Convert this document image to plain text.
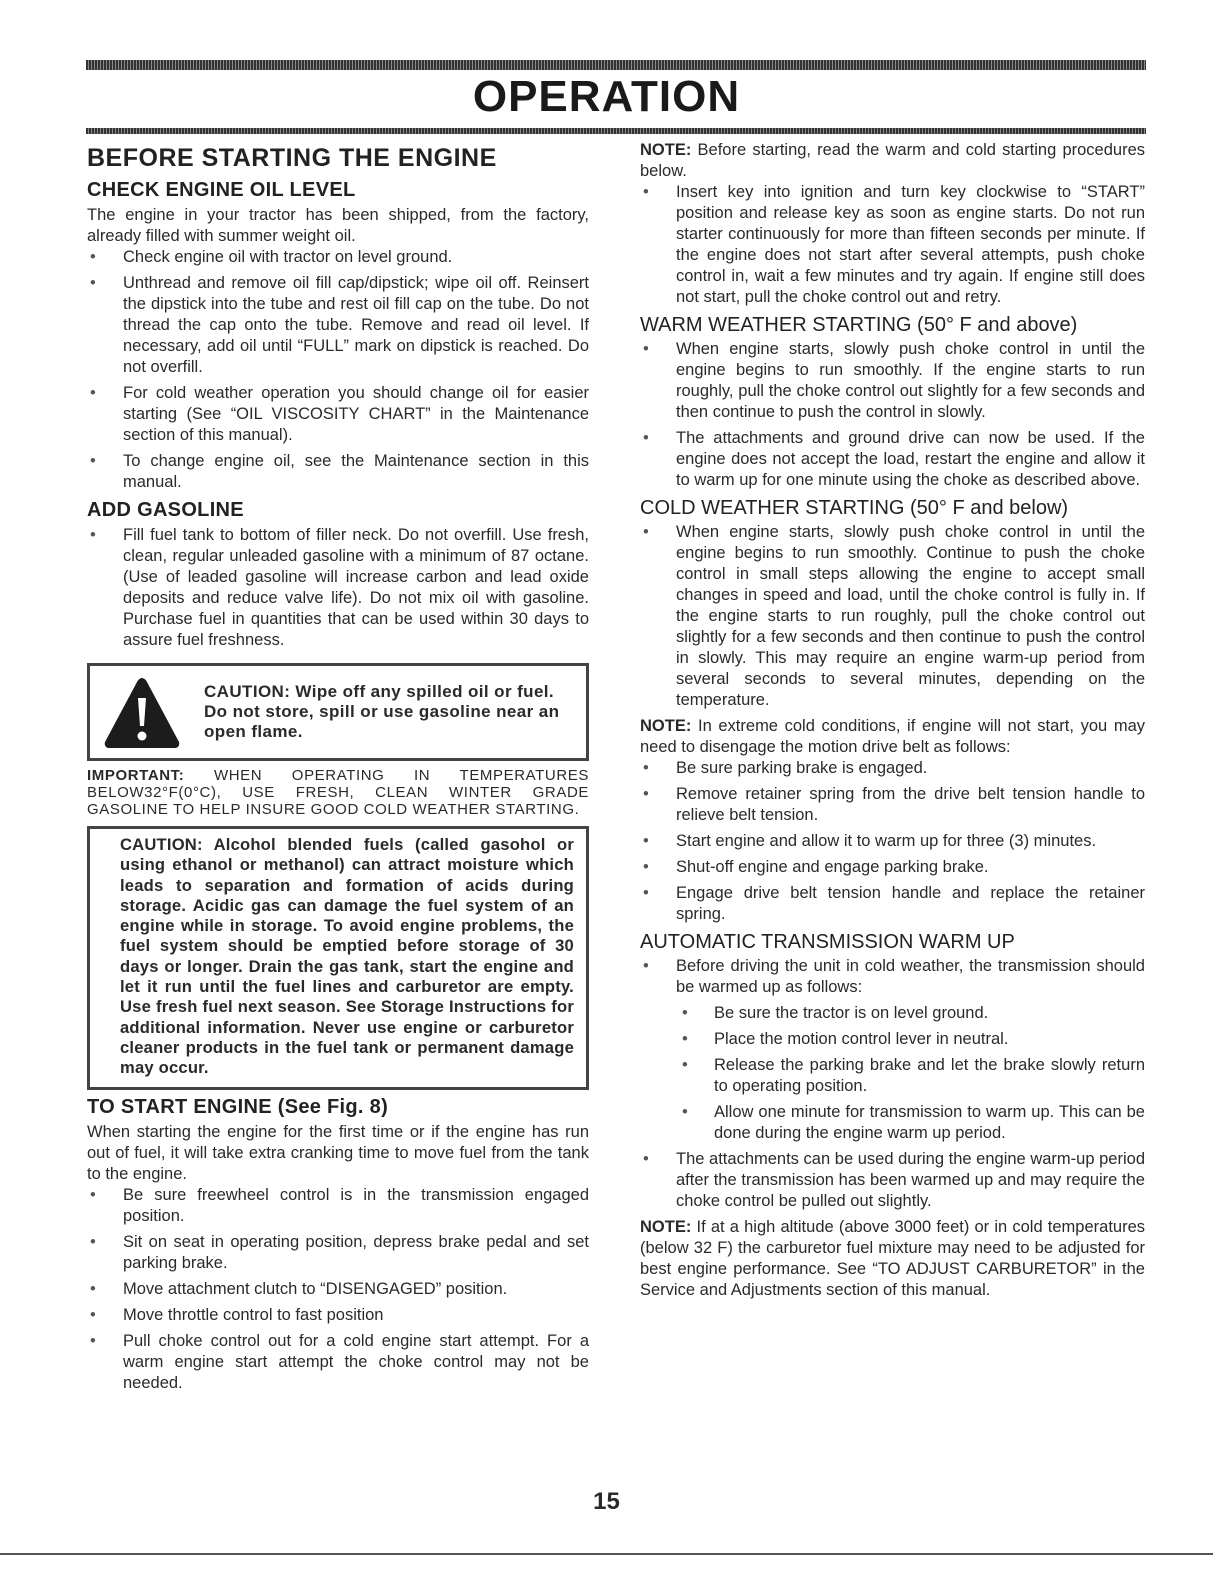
OPERATION
BEFORE STARTING THE ENGINE
CHECK ENGINE OIL LEVEL

The engine in your tractor has been shipped, from the factory, already filled with summer weight oil.

• Check engine oil with tractor on level ground.
• Unthread and remove oil fill cap/dipstick; wipe oil off. Reinsert the dipstick into the tube and rest oil fill cap on the tube. Do not thread the cap onto the tube. Remove and read oil level. If necessary, add oil until “FULL” mark on dipstick is reached. Do not overfill.
• For cold weather operation you should change oil for easier starting (See “OIL VISCOSITY CHART” in the Maintenance section of this manual).
• To change engine oil, see the Maintenance section in this manual.
ADD GASOLINE
• Fill fuel tank to bottom of filler neck. Do not overfill. Use fresh, clean, regular unleaded gasoline with a minimum of 87 octane. (Use of leaded gasoline will increase carbon and lead oxide deposits and reduce valve life). Do not mix oil with gasoline. Purchase fuel in quantities that can be used within 30 days to assure fuel freshness.
CAUTION: Wipe off any spilled oil or fuel. Do not store, spill or use gasoline near an open flame.

IMPORTANT: WHEN OPERATING IN TEMPERATURES BELOW32°F(0°C), USE FRESH, CLEAN WINTER GRADE GASOLINE TO HELP INSURE GOOD COLD WEATHER STARTING.

CAUTION: Alcohol blended fuels (called gasohol or using ethanol or methanol) can attract moisture which leads to separation and formation of acids during storage. Acidic gas can damage the fuel system of an engine while in storage. To avoid engine problems, the fuel system should be emptied before storage of 30 days or longer. Drain the gas tank, start the engine and let it run until the fuel lines and carburetor are empty. Use fresh fuel next season. See Storage Instructions for additional information. Never use engine or carburetor cleaner products in the fuel tank or permanent damage may occur.
TO START ENGINE (See Fig. 8)

When starting the engine for the first time or if the engine has run out of fuel, it will take extra cranking time to move fuel from the tank to the engine.

• Be sure freewheel control is in the transmission engaged position.
• Sit on seat in operating position, depress brake pedal and set parking brake.
• Move attachment clutch to “DISENGAGED” position.
• Move throttle control to fast position
• Pull choke control out for a cold engine start attempt. For a warm engine start attempt the choke control may not be needed.

NOTE: Before starting, read the warm and cold starting procedures below.

• Insert key into ignition and turn key clockwise to “START” position and release key as soon as engine starts. Do not run starter continuously for more than fifteen seconds per minute. If the engine does not start after several attempts, push choke control in, wait a few minutes and try again. If engine still does not start, pull the choke control out and retry.
WARM WEATHER STARTING (50° F and above)
• When engine starts, slowly push choke control in until the engine begins to run smoothly. If the engine starts to run roughly, pull the choke control out slightly for a few seconds and then continue to push the control in slowly.
• The attachments and ground drive can now be used. If the engine does not accept the load, restart the engine and allow it to warm up for one minute using the choke as described above.
COLD WEATHER STARTING (50° F and below)
• When engine starts, slowly push choke control in until the engine begins to run smoothly. Continue to push the choke control in small steps allowing the engine to accept small changes in speed and load, until the choke control is fully in. If the engine starts to run roughly, pull the choke control out slightly for a few seconds and then continue to push the control in slowly. This may require an engine warm-up period from several seconds to several minutes, depending on the temperature.

NOTE: In extreme cold conditions, if engine will not start, you may need to disengage the motion drive belt as follows:

• Be sure parking brake is engaged.
• Remove retainer spring from the drive belt tension handle to relieve belt tension.
• Start engine and allow it to warm up for three (3) minutes.
• Shut-off engine and engage parking brake.
• Engage drive belt tension handle and replace the retainer spring.
AUTOMATIC TRANSMISSION WARM UP
• Before driving the unit in cold weather, the transmission should be warmed up as follows:
• Be sure the tractor is on level ground.
• Place the motion control lever in neutral.
• Release the parking brake and let the brake slowly return to operating position.
• Allow one minute for transmission to warm up. This can be done during the engine warm up period.
• The attachments can be used during the engine warm-up period after the transmission has been warmed up and may require the choke control be pulled out slightly.

NOTE: If at a high altitude (above 3000 feet) or in cold temperatures (below 32 F) the carburetor fuel mixture may need to be adjusted for best engine performance. See “TO ADJUST CARBURETOR” in the Service and Adjustments section of this manual.

15
